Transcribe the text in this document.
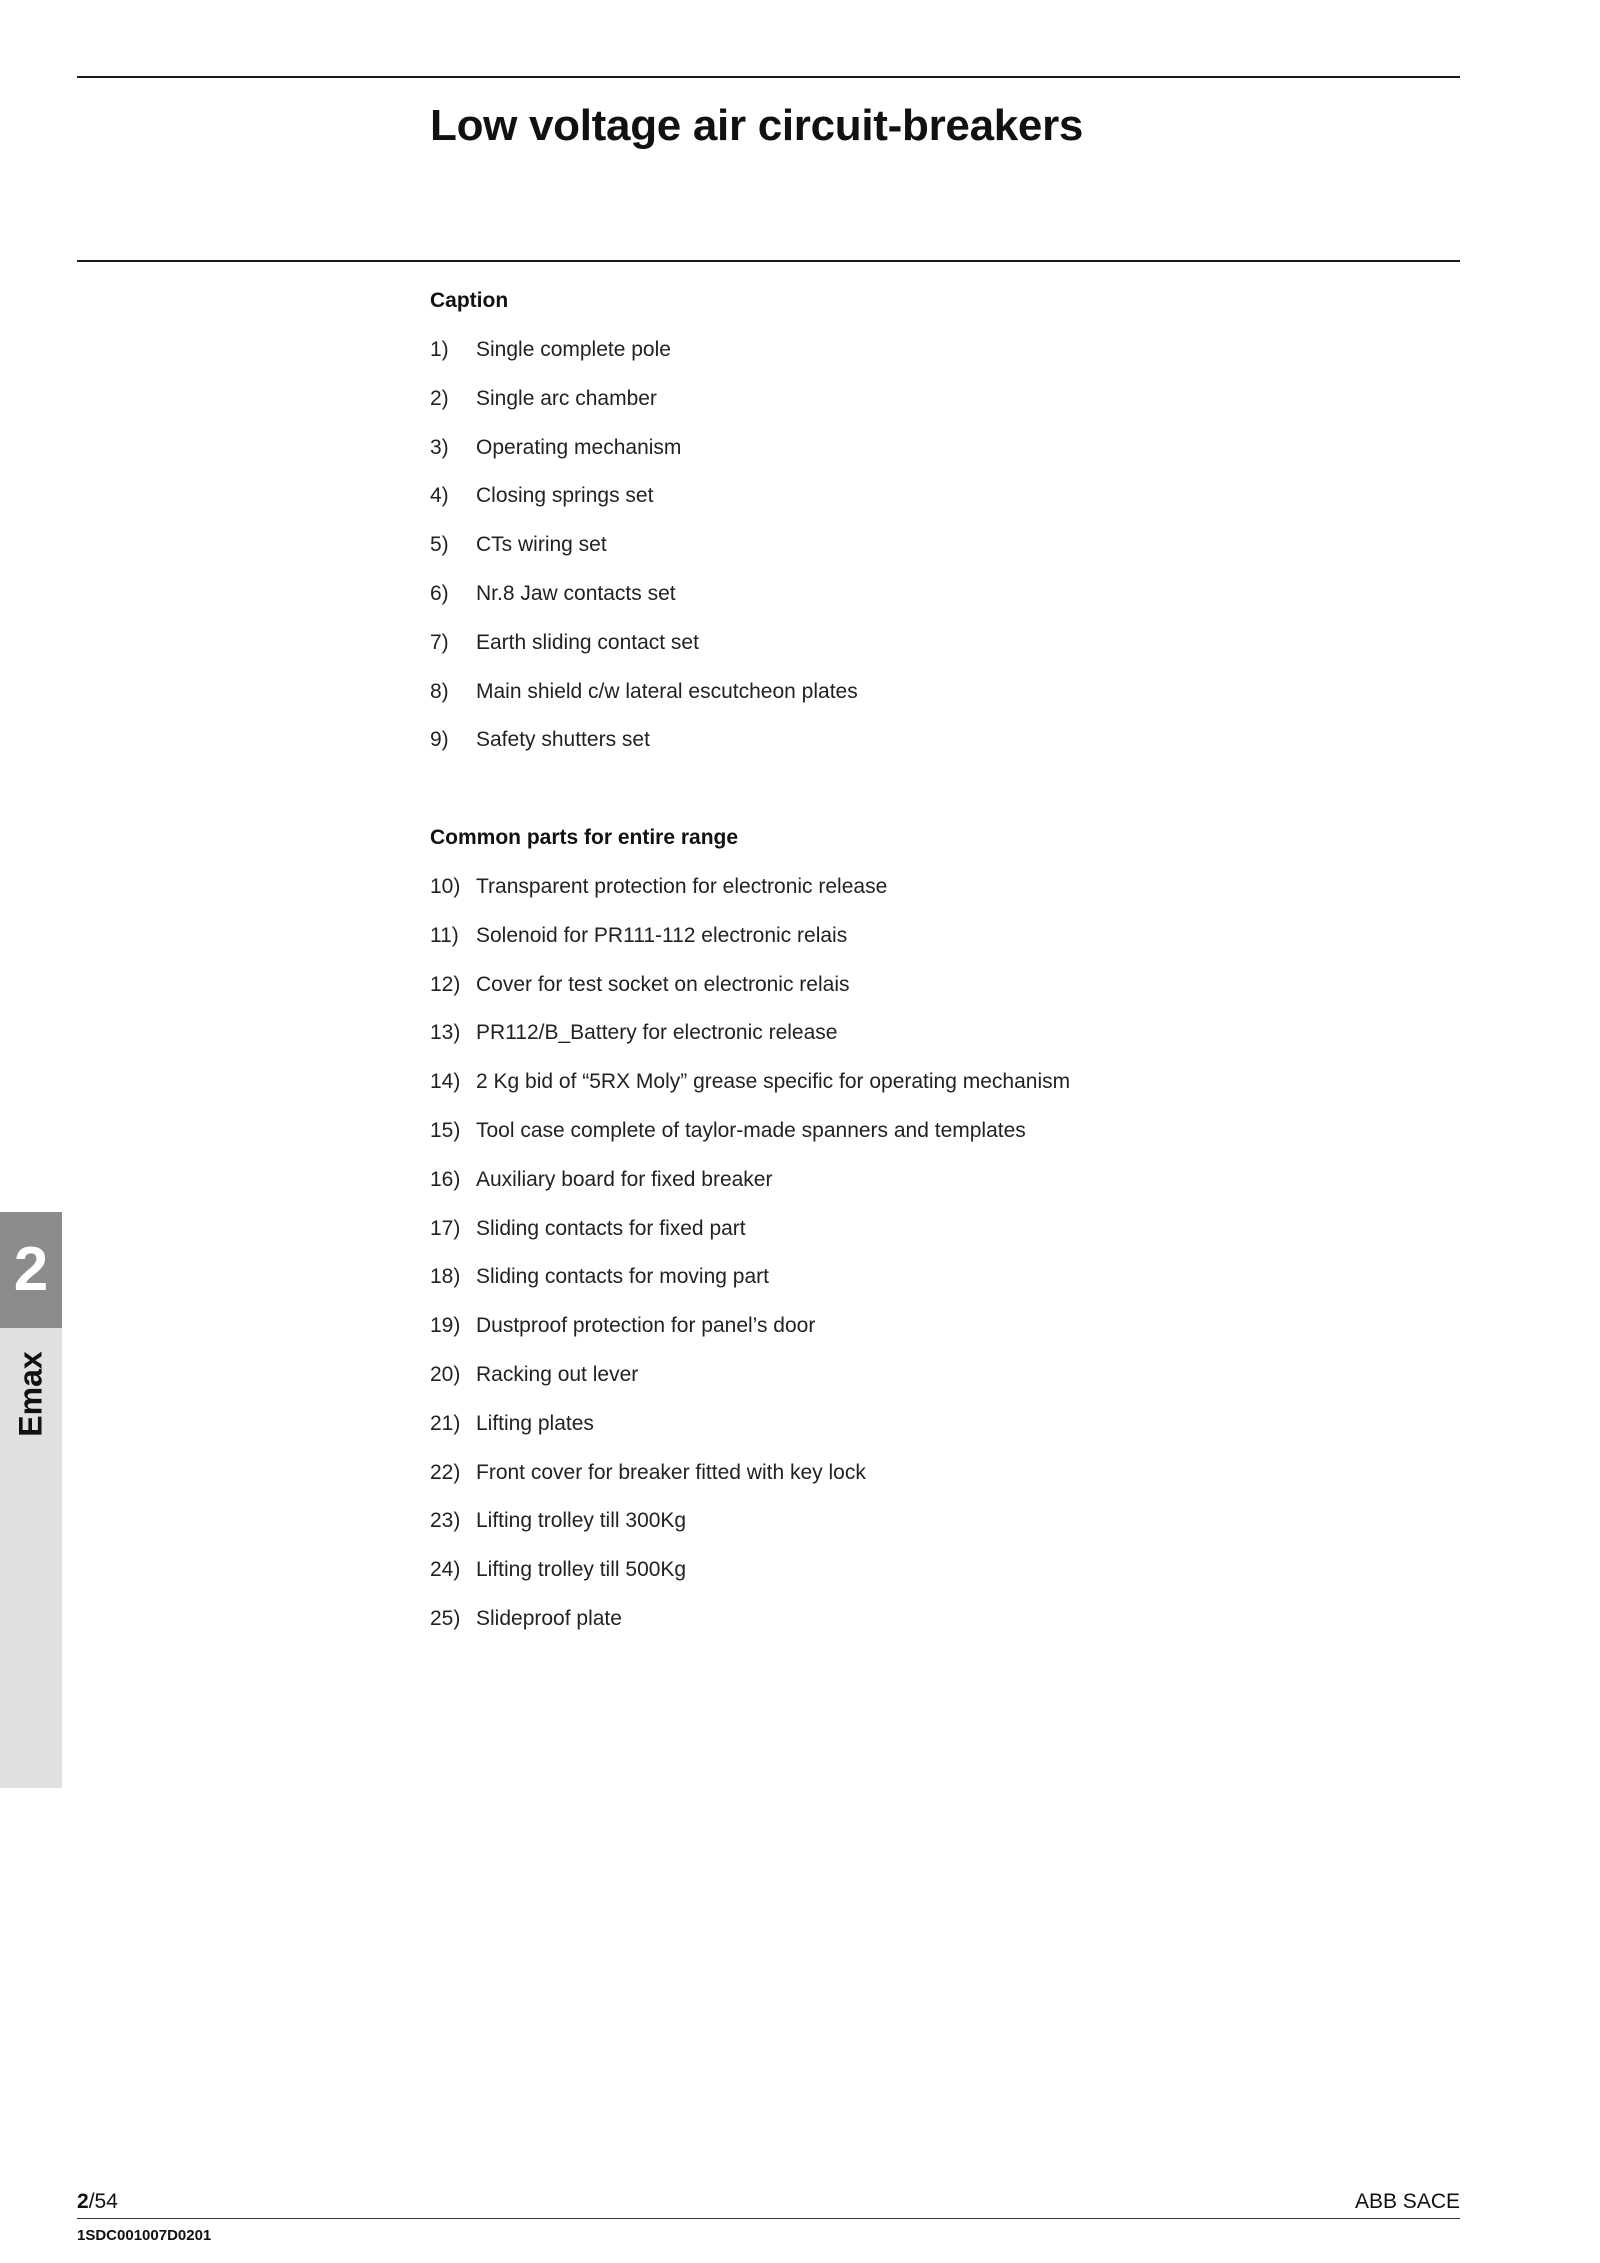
Low voltage air circuit-breakers
Caption
1)	Single complete pole
2)	Single arc chamber
3)	Operating mechanism
4)	Closing springs set
5)	CTs wiring set
6)	Nr.8 Jaw contacts set
7)	Earth sliding contact set
8)	Main shield c/w lateral escutcheon plates
9)	Safety shutters set
Common parts for entire range
10) Transparent protection for electronic release
11) Solenoid for PR111-112 electronic relais
12) Cover for test socket on electronic relais
13) PR112/B_Battery for electronic release
14) 2 Kg bid of “5RX Moly” grease specific for operating mechanism
15) Tool case complete of taylor-made spanners and templates
16) Auxiliary board for fixed breaker
17) Sliding contacts for fixed part
18) Sliding contacts for moving part
19) Dustproof protection for panel’s door
20) Racking out lever
21) Lifting plates
22) Front cover for breaker fitted with key lock
23) Lifting trolley till 300Kg
24) Lifting trolley till 500Kg
25) Slideproof plate
2
Emax
2/54	ABB SACE
1SDC001007D0201
